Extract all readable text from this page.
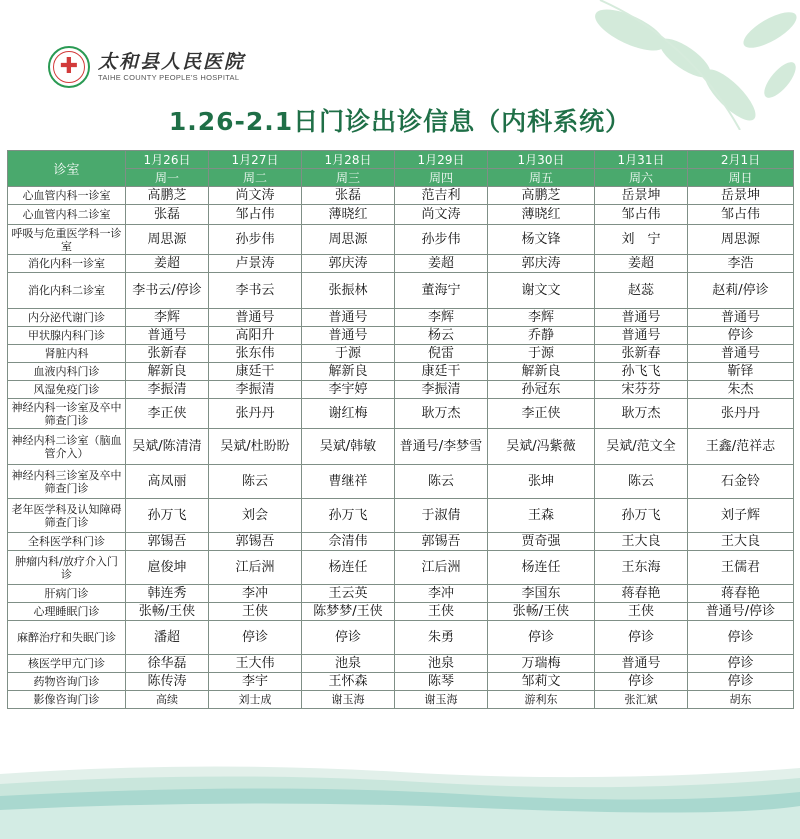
✚ 太和县人民医院
TAIHE COUNTY PEOPLE'S HOSPITAL
1.26-2.1日门诊出诊信息（内科系统）
诊室	1月26日	1月27日	1月28日	1月29日	1月30日	1月31日	2月1日
	周一	周二	周三	周四	周五	周六	周日
心血管内科一诊室	高鹏芝	尚文涛	张磊	范吉利	高鹏芝	岳景坤	岳景坤
心血管内科二诊室	张磊	邹占伟	薄晓红	尚文涛	薄晓红	邹占伟	邹占伟
呼吸与危重医学科一诊室	周思源	孙步伟	周思源	孙步伟	杨文锋	刘　宁	周思源
消化内科一诊室	姜超	卢景涛	郭庆涛	姜超	郭庆涛	姜超	李浩
消化内科二诊室	李书云/停诊	李书云	张振林	董海宁	谢文文	赵蕊	赵莉/停诊
内分泌代谢门诊	李辉	普通号	普通号	李辉	李辉	普通号	普通号
甲状腺内科门诊	普通号	高阳升	普通号	杨云	乔静	普通号	停诊
肾脏内科	张新春	张东伟	于源	倪雷	于源	张新春	普通号
血液内科门诊	解新良	康廷干	解新良	康廷干	解新良	孙飞飞	靳铎
风湿免疫门诊	李振清	李振清	李宇婷	李振清	孙冠东	宋芬芬	朱杰
神经内科一诊室及卒中筛查门诊	李正侠	张丹丹	谢红梅	耿万杰	李正侠	耿万杰	张丹丹
神经内科二诊室（脑血管介入）	吴斌/陈清清	吴斌/杜盼盼	吴斌/韩敏	普通号/李梦雪	吴斌/冯紫薇	吴斌/范文全	王鑫/范祥志
神经内科三诊室及卒中筛查门诊	高凤丽	陈云	曹继祥	陈云	张坤	陈云	石金铃
老年医学科及认知障碍筛查门诊	孙万飞	刘会	孙万飞	于淑倩	王森	孙万飞	刘子辉
全科医学科门诊	郭锡吾	郭锡吾	佘清伟	郭锡吾	贾奇强	王大良	王大良
肿瘤内科/放疗介入门诊	扈俊坤	江后洲	杨连任	江后洲	杨连任	王东海	王儒君
肝病门诊	韩连秀	李冲	王云英	李冲	李国东	蒋春艳	蒋春艳
心理睡眠门诊	张畅/王侠	王侠	陈梦梦/王侠	王侠	张畅/王侠	王侠	普通号/停诊
麻醉治疗和失眠门诊	潘超	停诊	停诊	朱勇	停诊	停诊	停诊
核医学甲亢门诊	徐华磊	王大伟	池泉	池泉	万瑞梅	普通号	停诊
药物咨询门诊	陈传涛	李宇	王怀森	陈琴	邹莉文	停诊	停诊
影像咨询门诊	高续	刘士成	谢玉海	谢玉海	游利东	张汇斌	胡东
